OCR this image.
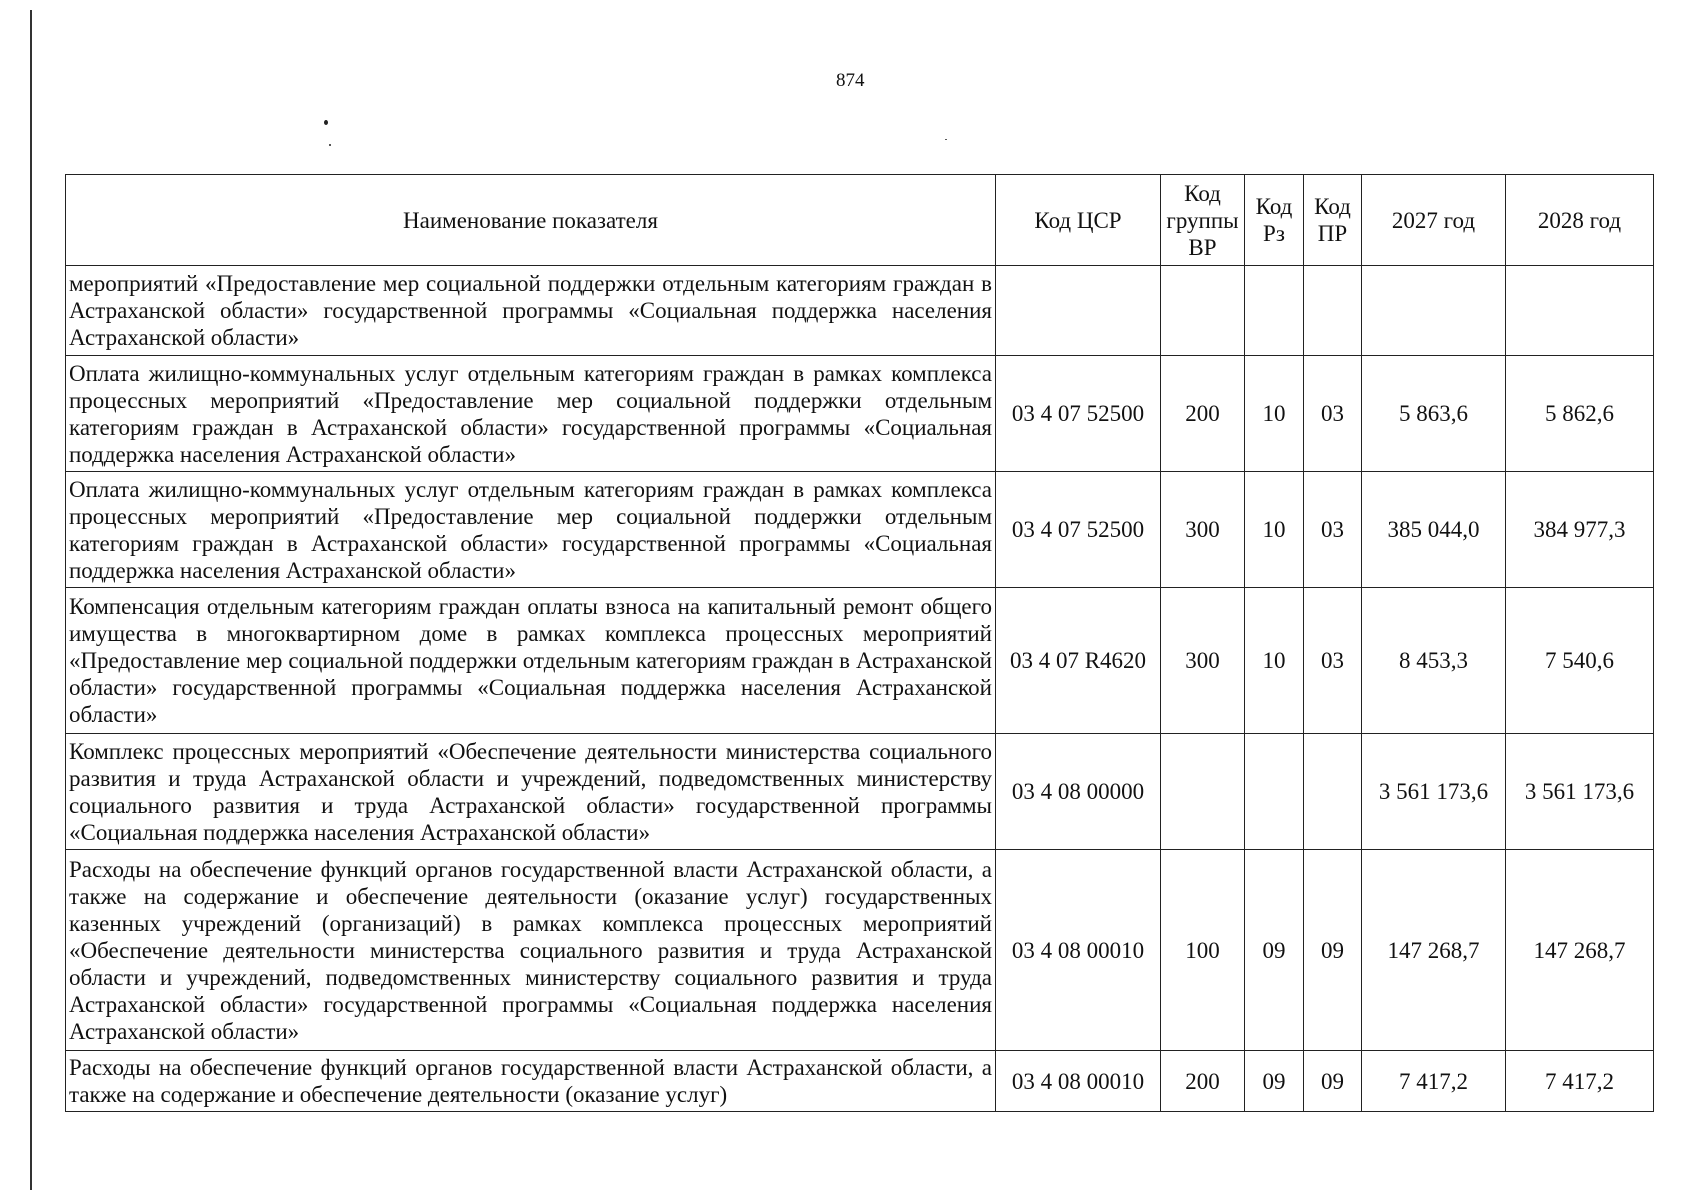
874
Наименование показателя	Код ЦСР	Код группы ВР	Код Рз	Код ПР	2027 год	2028 год
мероприятий «Предоставление мер социальной поддержки отдельным категориям граждан в Астраханской области» государственной программы «Социальная поддержка населения Астраханской области»						
Оплата жилищно-коммунальных услуг отдельным категориям граждан в рамках комплекса процессных мероприятий «Предоставление мер социальной поддержки отдельным категориям граждан в Астраханской области» государственной программы «Социальная поддержка населения Астраханской области»	03 4 07 52500	200	10	03	5 863,6	5 862,6
Оплата жилищно-коммунальных услуг отдельным категориям граждан в рамках комплекса процессных мероприятий «Предоставление мер социальной поддержки отдельным категориям граждан в Астраханской области» государственной программы «Социальная поддержка населения Астраханской области»	03 4 07 52500	300	10	03	385 044,0	384 977,3
Компенсация отдельным категориям граждан оплаты взноса на капитальный ремонт общего имущества в многоквартирном доме в рамках комплекса процессных мероприятий «Предоставление мер социальной поддержки отдельным категориям граждан в Астраханской области» государственной программы «Социальная поддержка населения Астраханской области»	03 4 07 R4620	300	10	03	8 453,3	7 540,6
Комплекс процессных мероприятий «Обеспечение деятельности министерства социального развития и труда Астраханской области и учреждений, подведомственных министерству социального развития и труда Астраханской области» государственной программы «Социальная поддержка населения Астраханской области»	03 4 08 00000				3 561 173,6	3 561 173,6
Расходы на обеспечение функций органов государственной власти Астраханской области, а также на содержание и обеспечение деятельности (оказание услуг) государственных казенных учреждений (организаций) в рамках комплекса процессных мероприятий «Обеспечение деятельности министерства социального развития и труда Астраханской области и учреждений, подведомственных министерству социального развития и труда Астраханской области» государственной программы «Социальная поддержка населения Астраханской области»	03 4 08 00010	100	09	09	147 268,7	147 268,7
Расходы на обеспечение функций органов государственной власти Астраханской области, а также на содержание и обеспечение деятельности (оказание услуг)	03 4 08 00010	200	09	09	7 417,2	7 417,2
